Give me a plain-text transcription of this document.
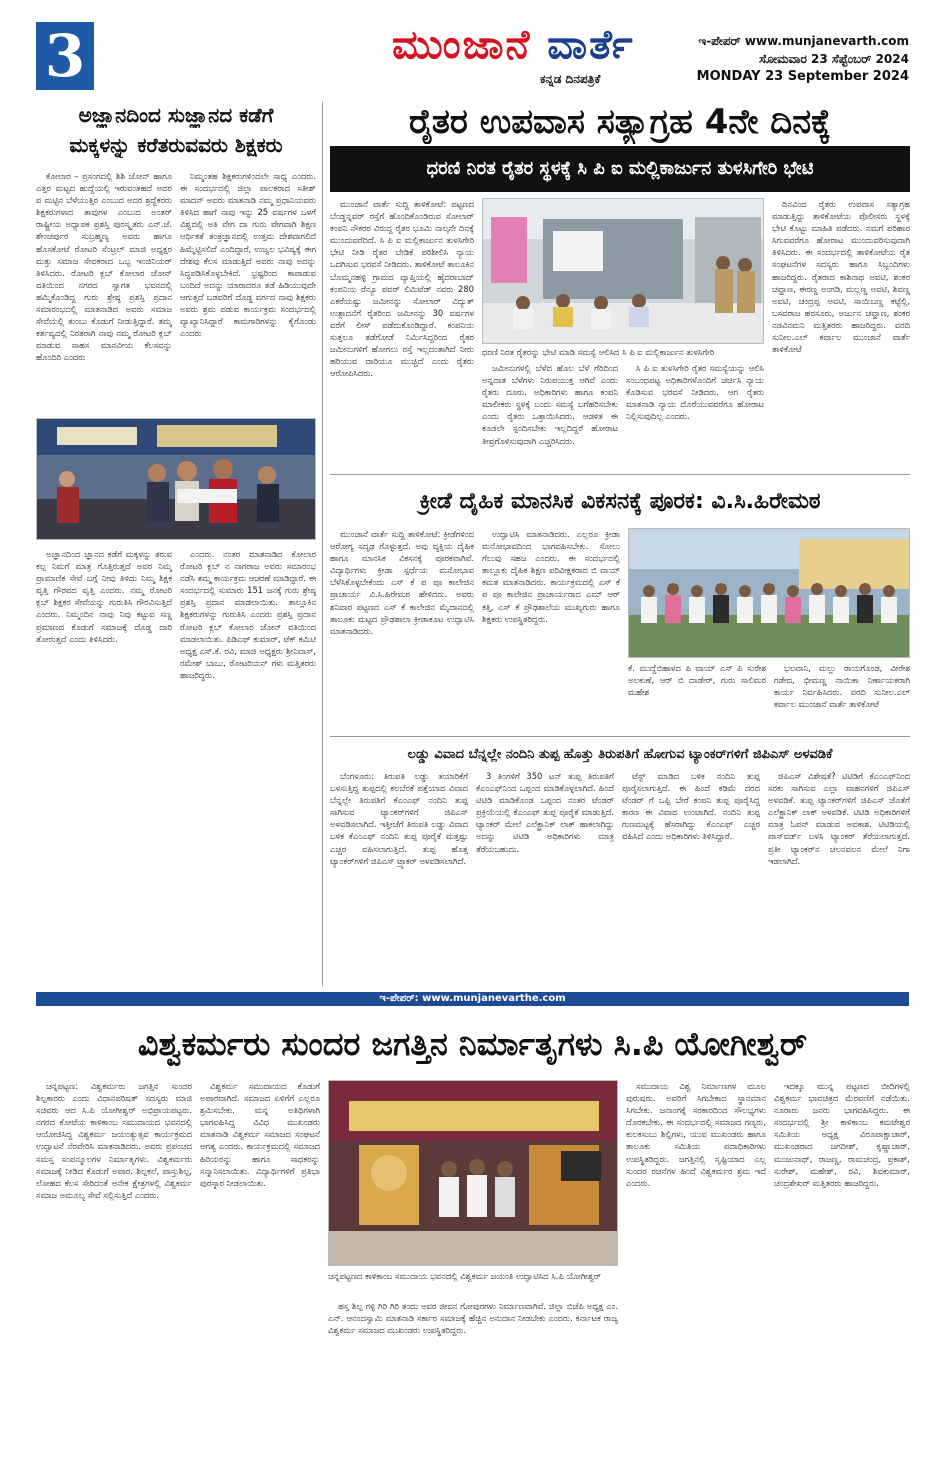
3	ಮುಂಜಾನೆ ವಾರ್ತೆ
ಕನ್ನಡ ದಿನಪತ್ರಿಕೆ
ಇ-ಪೇಪರ್ www.munjanevarth.com
ಸೋಮವಾರ 23 ಸೆಪ್ಟೆಂಬರ್ 2024
MONDAY 23 September 2024
ಅಜ್ಞಾನದಿಂದ ಸುಜ್ಞಾನದ ಕಡೆಗೆ
ಮಕ್ಕಳನ್ನು ಕರೆತರುವವರು ಶಿಕ್ಷಕರು

ಕೋಲಾರ – ಪ್ರಸಂಗದಲ್ಲಿ ಶಿಶಿ ಜೋನ್ ಹಾಗೂ ಎತ್ತರ ಮಟ್ಟದ ಹುದ್ದೆಯಲ್ಲಿ ಇರುವಂತಹದೆ ಅದರ ಪ ಮಟ್ಟಿನ ಬೆಳೆಯುತ್ತಿರ ಎಂಬುದ ಅದರ ಶ್ರದ್ಧೆಕರರು ಶಿಕ್ಷಕರುಗಳಾದ ತಾವುಗಳ ಎಂಬುದ ಅಂತರ್ ರಾಷ್ಟ್ರೀಯ ಅಧ್ಯಾಪಕ ಪ್ರಶಸ್ತಿ ಪುರಸ್ಕೃತರು ಎನ್.ಜೆ. ಶೇಂಚರ್ಪುರ ಸುಬ್ರಹ್ಮಣ್ಯ ಅವರು ಹಾಗೂ ಹೊಸಕೋಟೆ ರೋಟರಿ ಸೆಂಟ್ರಲ್ ಮಾಜಿ ಅಧ್ಯಕ್ಷರ ಮತ್ತು ಸಮಾಜ ಸೇವಕರಾದ ಒಬ್ಬ ಇಂಜಿನಿಯರ್ ತಿಳಿಸಿದರು. ರೋಟರಿ ಕ್ಲಬ್ ಕೋಲಾರ ಜೋನ್ ವತಿಯಿಂದ ನಗರದ ಸ್ವಾಗತ ಭವನದಲ್ಲಿ ಹಮ್ಮಿಕೊಂಡಿದ್ದ ಗುರು ಶ್ರೇಷ್ಠ ಪ್ರಶಸ್ತಿ ಪ್ರದಾನ ಸಮಾರಂಭದಲ್ಲಿ ಮಾತನಾಡಿದ ಅವರು ಸಮಾಜ ಸೇವೆಯಲ್ಲಿ ತುಂಬು ಕೊಡುಗೆ ನೀಡುತ್ತಿದ್ದಾರೆ. ತಮ್ಮ ಕರ್ತವ್ಯದಲ್ಲಿ ನಿರತರಾಗಿ ನಾವು ನಮ್ಮ ರೋಟರಿ ಕ್ಲಬ್ ಮಾಡುವ ಸಾಹಸ ಮಾನವೀಯ ಕೆಲಸವನ್ನು ಹೊಂದಿರಿ ಎಂದರು

ನಿಮ್ಮಂತಹ ಶಿಕ್ಷಕರುಗಳಿಂದಲೇ ಸಾಧ್ಯ ಎಂದರು. ಈ ಸಂದರ್ಭದಲ್ಲಿ ಜಿಲ್ಲಾ ಪಾಲಕರಾದ ಸತೀಶ್ ಮಾದನ್ ಅವರು ಮಾತನಾಡಿ ನಮ್ಮ ಪ್ರಧಾನಿಯವರು ತಿಳಿಸಿದ ಹಾಗೆ ನಾವು ಇನ್ನು 25 ವರ್ಷಗಳ ಒಳಗೆ ವಿಶ್ವದಲ್ಲಿ ಅತಿ ವೇಗ ದಾ ಗುರು ವೇಗವಾಗಿ ಶಿಕ್ಷಣ ಆರ್ಥಿಕತೆ ತಂತ್ರಜ್ಞಾನದಲ್ಲಿ ಉತ್ತಮ ದೇಶವಾಗಲಿದೆ ಹಿಮ್ಮೆಟ್ಟಿಸಲಿದೆ ಎಂದಿದ್ದಾರೆ, ಉಜ್ವಲ ಭವಿಷ್ಯಕ್ಕೆ ಈಗ ದೇಶವು ಕೆಲಸ ಮಾಡುತ್ತಿದೆ ಅವರು ನಾವು ಅದನ್ನು ಸಿದ್ಧಪಡಿಸಿಕೊಳ್ಳಬೇಕಿದೆ. ಭ್ರಷ್ಟರಿಂದ ಕಾಪಾಡುವ ಬಂದಿದೆ ಅದನ್ನು ಯಾರಾದರೂ ತಡೆ ಹಿಡಿಯುವುದೇ ಆಗುತ್ತದೆ ಬಡವರಿಗೆ ದೊಡ್ಡ ವರ್ಗದ ನಾವು ಶಿಕ್ಷಕರು ಅವರು ಶ್ರಮ ಪಡುವ ಕಾರ್ಯಕ್ರಮ ಸಂದರ್ಭದಲ್ಲಿ ವ್ಯಾಖ್ಯಾನಿಸಿದ್ದಾರೆ ಕಾಮಗಾರಿಗಳನ್ನು ಕೈಗೊಂಡು ಎಂದರು

ಅಜ್ಞಾನದಿಂದ ಜ್ಞಾನದ ಕಡೆಗೆ ಮಕ್ಕಳನ್ನು ತರುವ ಕಲ್ಪ ನಿಮಗೆ ಮಾತ್ರ ಗೊತ್ತಿರುತ್ತದೆ ಅವರ ನಿಮ್ಮ ಪ್ರಾಮಾಣಿಕ ಸೇವೆ ಬಗ್ಗೆ ನೀವು ತಿಳಿದು ನಿಮ್ಮ ಶಿಕ್ಷಕ ವೃತ್ತಿ ಗೌರವದ ವೃತ್ತಿ ಎಂದರು. ನಮ್ಮ ರೋಟರಿ ಕ್ಲಬ್ ಶಿಕ್ಷಕರ ಸೇವೆಯನ್ನು ಗುರುತಿಸಿ ಗೌರವಿಸುತ್ತಿದೆ ಎಂದರು. ನಿಮ್ಮಂದಿನ ನಾವು ನಿವು ಕಟ್ಟುವ ಸಣ್ಣ ಪ್ರಮಾಣದ ಕೊಡುಗೆ ಸಮಾಜಕ್ಕೆ ದೊಡ್ಡ ದಾರಿ ತೋರುತ್ತದೆ ಎಂದು ತಿಳಿಸಿದರು.

ಎಂದರು. ನಂತರ ಮಾತನಾಡಿದ ಕೋಲಾರ ರೋಟರಿ ಕ್ಲಬ್ ನ ನಾಗರಾಜ ಅವರು ಸಮಾರಂಭ ನಡೆಸಿ ತಮ್ಮ ಕಾರ್ಯಕ್ರಮ ಆಚರಣೆ ಮಾಡಿದ್ದಾರೆ. ಈ ಸಂದರ್ಭದಲ್ಲಿ ಸುಮಾರು 151 ಜನಕ್ಕೆ ಗುರು ಶ್ರೇಷ್ಠ ಪ್ರಶಸ್ತಿ ಪ್ರದಾನ ಮಾಡಲಾಯಿತು. ತಾಲ್ಲೂಕಿನ ಶಿಕ್ಷಕರುಗಳನ್ನು ಗುರುತಿಸಿ ಎಂದರು ಪ್ರಶಸ್ತಿ ಪ್ರದಾನ ರೋಟರಿ ಕ್ಲಬ್ ಕೋಲಾರ ಜೋನ್ ವತಿಯಿಂದ ಮಾಡಲಾಯಿತು. ಪಿಡಿಎಫ್ ಕುಮಾರ್, ಟೆಕ್ ಕಮಿಟಿ ಅಧ್ಯಕ್ಷ ಎಸ್.ಕೆ. ರವಿ, ಮಾಜಿ ಅಧ್ಯಕ್ಷರು ಶ್ರೀನಿವಾಸ್, ರಮೇಶ್ ಬಾಬು, ರೋಟರಿಯನ್ ಗಳು ಮತ್ತಿತರರು ಹಾಜರಿದ್ದರು.

ರೈತರ ಉಪವಾಸ ಸತ್ಯಾಗ್ರಹ 4ನೇ ದಿನಕ್ಕೆ
ಧರಣಿ ನಿರತ ರೈತರ ಸ್ಥಳಕ್ಕೆ ಸಿ ಪಿ ಐ ಮಲ್ಲಿಕಾರ್ಜುನ ತುಳಸಿಗೇರಿ ಭೇಟಿ

ಮುಂಜಾನೆ ವಾರ್ತೆ ಸುದ್ದಿ ತಾಳಿಕೋಟೆ: ಪಟ್ಟಣದ ಬೆಂಡ್ಡನ್ನವರ್ ರಸ್ತೆಗೆ ಹೊಂದಿಕೊಂಡಿರುವ ಸೋಲಾರ್ ಕಂಪನಿ ನೌಕರರ ವಿರುದ್ದ ರೈತರ ಭೂಮಿ ನಾಲ್ಕನೇ ದಿನಕ್ಕೆ ಮುಂದುವರೆದಿದೆ. ಸಿ ಪಿ ಐ ಮಲ್ಲಿಕಾರ್ಜುನ ತುಳಸಿಗೇರಿ ಭೇಟಿ ನೀಡಿ ರೈತರ ಬೇಡಿಕೆ ಪರಿಶೀಲಿಸಿ ನ್ಯಾಯ ಒದಗಿಸುವ ಭರವಸೆ ನೀಡಿದರು. ತಾಳಿಕೋಟೆ ತಾಲೂಕಿನ ಬೊಮ್ಮನಹಳ್ಳಿ ಗ್ರಾಮದ ವ್ಯಾಪ್ತಿಯಲ್ಲಿ ಹೈದರಾಬಾದ್ ಕಂಪನಿಯ ರೆನ್ಯೂ ಪವರ್ ಲಿಮಿಟೆಡ್ ನವರು 280 ಎಕರೆಯಷ್ಟು ಜಮೀನನ್ನು ಸೋಲಾರ್ ವಿದ್ಯುತ್ ಉತ್ಪಾದನೆಗೆ ರೈತರಿಂದ ಜಮೀನನ್ನು 30 ವರ್ಷಗಳ ವರೆಗೆ ಲೀಸ್ ಪಡೆದುಕೊಂಡಿದ್ದಾರೆ. ಕಂಪನಿಯ ಸುತ್ತಲೂ ತಡೆಗೋಡೆ ನಿರ್ಮಿಸಿದ್ದರಿಂದ ರೈತರ ಜಮೀನುಗಳಿಗೆ ಹೋಗಲು ರಸ್ತೆ ಇಲ್ಲದಂತಾಗಿದೆ ನೀರು ಹರಿಯುವ ದಾರಿಯೂ ಮುಚ್ಚಿದೆ ಎಂದು ರೈತರು ಆರೋಪಿಸಿದರು.

ಧರಣಿ ನಿರತ ರೈತರನ್ನು ಭೇಟಿ ಮಾಡಿ ಸಮಸ್ಯೆ ಆಲಿಸಿದ ಸಿ ಪಿ ಐ ಮಲ್ಲಿಕಾರ್ಜುನ ತುಳಸಿಗೇರಿ

ಜಮೀನುಗಳಲ್ಲಿ ಬೆಳೆದ ಹೊಲ ಬೆಳೆ ಗೆರಿದಿಂದ ಅನ್ನದಾತ ಬೆಳೆಗಳು ನಿರುಪಯುಕ್ತ ಆಗಿವೆ ಎಂದು ರೈತರು ದೂರು. ಅಧಿಕಾರಿಗಳು ಹಾಗೂ ಕಂಪನಿ ಮಾಲೀಕರು ಸ್ಥಳಕ್ಕೆ ಬಂದು ಸಮಸ್ಯೆ ಬಗೆಹರಿಸಬೇಕು ಎಂದು ರೈತರು ಒತ್ತಾಯಿಸಿದರು. ಆಡಳಿತ ಈ ಕೂಡಲೇ ಸ್ಪಂದಿಸಬೇಕು ಇಲ್ಲದಿದ್ದರೆ ಹೋರಾಟ ತೀವ್ರಗೊಳಿಸುವುದಾಗಿ ಎಚ್ಚರಿಸಿದರು.

ಸಿ ಪಿ ಐ ತುಳಸಿಗೇರಿ ರೈತರ ಸಮಸ್ಯೆಯನ್ನು ಆಲಿಸಿ ಸಂಬಂಧಪಟ್ಟ ಅಧಿಕಾರಿಗಳೊಂದಿಗೆ ಚರ್ಚಿಸಿ ನ್ಯಾಯ ಕೊಡಿಸುವ ಭರವಸೆ ನೀಡಿದರು. ಆಗ ರೈತರು ಮಾತನಾಡಿ ನ್ಯಾಯ ದೊರೆಯುವವರೆಗೂ ಹೋರಾಟ ನಿಲ್ಲಿಸುವುದಿಲ್ಲ ಎಂದರು.

ದಿನವಿಂದ ರೈತರು ಉಪವಾಸ ಸತ್ಯಾಗ್ರಹ ಮಾಡುತ್ತಿದ್ದು ತಾಳಿಕೋಟೆಯ ಪೊಲೀಸರು ಸ್ಥಳಕ್ಕೆ ಭೇಟಿ ಕೊಟ್ಟು ಮಾಹಿತಿ ಪಡೆದರು. ನಮಗೆ ಪರಿಹಾರ ಸಿಗುವವರೆಗೂ ಹೋರಾಟ ಮುಂದುವರಿಸುವುದಾಗಿ ತಿಳಿಸಿದರು. ಈ ಸಂದರ್ಭದಲ್ಲಿ ತಾಳಿಕೋಟೆಯ ರೈತ ಸಂಘಟನೆಗಳ ಸದಸ್ಯರು ಹಾಗೂ ಸಿಬ್ಬಂದಿಗಳು ಹಾಜರಿದ್ದರು. ರೈತರಾದ ಕಾಶಿನಾಥ ಅವಟಿ, ಶಂಕರ ಚವ್ಹಾಣ, ಈರಣ್ಣ ಅಂಗಡಿ, ಮಲ್ಲಣ್ಣ ಅವಟಿ, ಶಿವಣ್ಣ ಅವಟಿ, ಚಂದ್ರಪ್ಪ ಅವಟಿ, ಸಾಯಿಬಣ್ಣ ಕಟ್ಟೆಲ್ಲಿ, ಬಸವರಾಜ ಹರಸೂರು, ಅರ್ಜುನ ಚವ್ಹಾಣ, ಶಂಕರ ನಡವಿನಮನಿ ಮತ್ತಿತರರು ಹಾಜರಿದ್ದರು. ವರದಿ ಸುನೀಲ.ಎಲ್ ಕರ್ವಾಲ ಮುಂಜಾನೆ ವಾರ್ತೆ ತಾಳಿಕೋಟೆ

ಕ್ರೀಡೆ ದೈಹಿಕ ಮಾನಸಿಕ ವಿಕಸನಕ್ಕೆ ಪೂರಕ: ವಿ.ಸಿ.ಹಿರೇಮಠ

ಮುಂಜಾನೆ ವಾರ್ತೆ ಸುದ್ದಿ ತಾಳಿಕೋಟೆ: ಕ್ರೀಡೆಗಳಿಂದ ಆರೋಗ್ಯ ಸದೃಢ ಗೊಳ್ಳುತ್ತದೆ. ಅವು ವ್ಯಕ್ತಿಯ ದೈಹಿಕ ಹಾಗೂ ಮಾನಸಿಕ ವಿಕಸನಕ್ಕೆ ಪೂರಕವಾಗಿವೆ. ವಿದ್ಯಾರ್ಥಿಗಳು ಕ್ರೀಡಾ ಸ್ಪರ್ಧೆಯ ಮನೋಭಾವ ಬೆಳೆಸಿಕೊಳ್ಳಬೇಕೆಂದು ಎಸ್ ಕೆ ಪ ಪೂ ಕಾಲೇಜಿನ ಪ್ರಾಚಾರ್ಯ ವಿ.ಸಿ.ಹಿರೇಮಠ ಹೇಳಿದರು. ಅವರು ಶನಿವಾರ ಪಟ್ಟಣದ ಎಸ್ ಕೆ ಕಾಲೇಜಿನ ಮೈದಾನದಲ್ಲಿ ತಾಲೂಕು ಮಟ್ಟದ ಪ್ರೌಢಶಾಲಾ ಕ್ರೀಡಾಕೂಟ ಉದ್ಘಾಟಿಸಿ ಮಾತನಾಡಿದರು.

ಉದ್ಘಾಟಿಸಿ ಮಾತನಾಡಿದರು. ಎಲ್ಲರೂ ಕ್ರೀಡಾ ಮನೋಭಾವದಿಂದ ಭಾಗವಹಿಸಬೇಕು. ಸೋಲು ಗೆಲುವು ಸಹಜ ಎಂದರು. ಈ ಸಂದರ್ಭದಲ್ಲಿ ತಾಲ್ಲೂಕು ದೈಹಿಕ ಶಿಕ್ಷಣ ಪರಿವೀಕ್ಷಕರಾದ ಬಿ ವಾಯ್ ಕಮತ ಮಾತನಾಡಿದರು. ಕಾರ್ಯಕ್ರಮದಲ್ಲಿ ಎಸ್ ಕೆ ಪ ಪೂ ಕಾಲೇಜಿನ ಪ್ರಾಚಾರ್ಯರಾದ ಎಮ್ ಆರ್ ಕತ್ತಿ, ಎಸ್ ಕೆ ಪ್ರೌಢಶಾಲೆಯ ಮುಖ್ಯಗುರು ಹಾಗೂ ಶಿಕ್ಷಕರು ಉಪಸ್ಥಿತರಿದ್ದರು.

ಕೆ. ಮುದ್ದೆಬಿಹಾಳದ ಪಿ ವಾಯ್ ಎಸ್ ಪಿ ಸುರೇಶ ಅಲಕುಣೆ, ಆರ್ ಬಿ ದಾಡೇರ್, ಗುರು ಸಾಲಿಮಠ ಮಹೇಶ

ಭಲವಾನಿ, ಮಲ್ಲು ರಾಯಗೊಂಡ, ವೀರೇಶ ಗಡೇದ, ಭೀಮಣ್ಣ ನಾಯಿಕಾ ನಿರ್ಣಾಯಕರಾಗಿ ಕಾರ್ಯ ನಿರ್ವಹಿಸಿದರು. ವರದಿ ಸುನೀಲ.ಎಲ್ ಕರ್ವಾಲ ಮುಂಜಾನೆ ವಾರ್ತೆ ತಾಳಿಕೋಟೆ

ಲಡ್ಡು ವಿವಾದ ಬೆನ್ನಲ್ಲೇ ನಂದಿನಿ ತುಪ್ಪ ಹೊತ್ತು ತಿರುಪತಿಗೆ ಹೋಗುವ ಟ್ಯಾಂಕರ್‌ಗಳಿಗೆ ಜಿಪಿಎಸ್ ಅಳವಡಿಕೆ

ಬೆಂಗಳೂರು: ತಿರುಪತಿ ಲಡ್ಡು ತಯಾರಿಕೆಗೆ ಬಳಸುತ್ತಿದ್ದ ತುಪ್ಪದಲ್ಲಿ ಕಲಬೆರಕೆ ಪತ್ತೆಯಾದ ವಿವಾದ ಬೆನ್ನಲ್ಲೇ ತಿರುಪತಿಗೆ ಕೆಎಂಎಫ್ ನಂದಿನಿ ತುಪ್ಪ ಸಾಗಿಸುವ ಟ್ಯಾಂಕರ್‌ಗಳಿಗೆ ಜಿಪಿಎಸ್ ಅಳವಡಿಸಲಾಗಿದೆ. ಇತ್ತೀಚೆಗೆ ತಿರುಪತಿ ಲಡ್ಡು ವಿವಾದ ಬಳಿಕ ಕೆಎಂಎಫ್ ನಂದಿನಿ ತುಪ್ಪ ಪೂರೈಕೆ ಮತ್ತಷ್ಟು ಎಚ್ಚರ ವಹಿಸಲಾಗುತ್ತಿದೆ. ತುಪ್ಪ ಹೊತ್ತ ಟ್ಯಾಂಕರ್‌ಗಳಿಗೆ ಜಿಪಿಎಸ್ ಟ್ರ್ಯಾಕರ್ ಅಳವಡಿಸಲಾಗಿದೆ.

3 ತಿಂಗಳಿಗೆ 350 ಟನ್ ತುಪ್ಪ ತಿರುಪತಿಗೆ ಕೆಎಂಎಫ್‌ನಿಂದ ಒಪ್ಪಂದ ಮಾಡಿಕೊಳ್ಳಲಾಗಿದೆ. ಹಿಂದೆ ಟಿಟಿಡಿ ಮಾಡಿಕೊಂಡ ಒಪ್ಪಂದ ನಂತರ ಟೆಂಡರ್ ಪ್ರಕ್ರಿಯೆಯಲ್ಲಿ ಕೆಎಂಎಫ್ ತುಪ್ಪ ಪೂರೈಕೆ ಮಾಡುತ್ತಿದೆ. ಟ್ಯಾಂಕರ್ ಮೇಲೆ ಎಲೆಕ್ಟ್ರಾನಿಕ್ ಲಾಕ್ ಹಾಕಲಾಗಿದ್ದು ಅದನ್ನು ಟಿಟಿಡಿ ಅಧಿಕಾರಿಗಳು ಮಾತ್ರ ತೆರೆಯಬಹುದು.

ಟೆಸ್ಟ್‌ ಮಾಡಿದ ಬಳಿಕ ನಂದಿನಿ ತುಪ್ಪ ಪೂರೈಸಲಾಗುತ್ತಿದೆ. ಈ ಹಿಂದೆ ಕಡಿಮೆ ದರದ ಟೆಂಡರ್ ಗೆ ಒಪ್ಪಿ ಬೇರೆ ಕಂಪನಿ ತುಪ್ಪ ಪೂರೈಸಿದ್ದ ಕಾರಣ ಈ ವಿವಾದ ಉಂಟಾಗಿದೆ. ನಂದಿನಿ ತುಪ್ಪ ಗುಣಮಟ್ಟಕ್ಕೆ ಹೆಸರಾಗಿದ್ದು ಕೆಎಂಎಫ್ ಎಚ್ಚರ ವಹಿಸಿದೆ ಎಂದು ಅಧಿಕಾರಿಗಳು ತಿಳಿಸಿದ್ದಾರೆ.

ಜಿಪಿಎಸ್ ವಿಶೇಷತೆ? ಟಿಟಿಡಿಗೆ ಕೆಎಂಎಫ್‌ನಿಂದ ಸರಕು ಸಾಗಿಸುವ ಎಲ್ಲಾ ವಾಹನಗಳಿಗೆ ಜಿಪಿಎಸ್ ಅಳವಡಿಕೆ. ತುಪ್ಪ ಟ್ಯಾಂಕರ್‌ಗಳಿಗೆ ಜಿಪಿಎಸ್ ಜೊತೆಗೆ ಎಲೆಕ್ಟ್ರಾನಿಕ್ ಲಾಕ್ ಅಳವಡಿಕೆ. ಟಿಟಿಡಿ ಅಧಿಕಾರಿಗಳಿಗೆ ಮಾತ್ರ ಓಪನ್ ಮಾಡುವ ಅವಕಾಶ. ಟಿಟಿಡಿಯಲ್ಲಿ ಪಾಸ್‌ವರ್ಡ್ ಬಳಸಿ ಟ್ಯಾಂಕರ್ ತೆರೆಯಲಾಗುತ್ತದೆ. ಪ್ರತೀ ಟ್ಯಾಂಕರ್‌ನ ಚಲನವಲನ ಮೇಲೆ ನಿಗಾ ಇಡಲಾಗಿದೆ.

ಇ-ಪೇಪರ್: www.munjanevarthe.com
ವಿಶ್ವಕರ್ಮರು ಸುಂದರ ಜಗತ್ತಿನ ನಿರ್ಮಾತೃಗಳು ಸಿ.ಪಿ ಯೋಗೀಶ್ವರ್

ಚನ್ನಪಟ್ಟಣ: ವಿಶ್ವಕರ್ಮರು ಜಗತ್ತಿನ ಸುಂದರ ಶಿಲ್ಪಕಾರರು ಎಂದು ವಿಧಾನಪರಿಷತ್ ಸದಸ್ಯರು ಮಾಜಿ ಸಚಿವರು ಆದ ಸಿ.ಪಿ ಯೋಗೀಶ್ವರ್ ಅಭಿಪ್ರಾಯಪಟ್ಟರು. ನಗರದ ಕೋಟೆಯ ಕಾಳಿಕಾಂಬ ಸಮುದಾಯದ ಭವನದಲ್ಲಿ ಆಯೋಜಿಸಿದ್ದ ವಿಶ್ವಕರ್ಮ ಜಯಂತ್ಯುತ್ಸವ ಕಾರ್ಯಕ್ರಮದ ಉದ್ಘಾಟನೆ ನೆರವೇರಿಸಿ ಮಾತನಾಡಿದರು. ಅವರು ಪ್ರಪಂಚದ ಸಮಸ್ತ ಸಂಪನ್ಮೂಲಗಳ ನಿರ್ಮಾತೃಗಳು. ವಿಶ್ವಕರ್ಮರು ಸಮಾಜಕ್ಕೆ ನೀಡಿದ ಕೊಡುಗೆ ಅಪಾರ. ಶಿಲ್ಪಕಲೆ, ವಾಸ್ತುಶಿಲ್ಪ, ಲೋಹದ ಕೆಲಸ ಸೇರಿದಂತೆ ಅನೇಕ ಕ್ಷೇತ್ರಗಳಲ್ಲಿ ವಿಶ್ವಕರ್ಮ ಸಮಾಜ ಅಮೂಲ್ಯ ಸೇವೆ ಸಲ್ಲಿಸುತ್ತಿದೆ ಎಂದರು.

ವಿಶ್ವಕರ್ಮ ಸಮುದಾಯದ ಕೊಡುಗೆ ಅಪಾರವಾಗಿದೆ. ಸಮಾಜದ ಏಳಿಗೆಗೆ ಎಲ್ಲರೂ ಶ್ರಮಿಸಬೇಕು. ಮನ್ನ ಅತಿಥಿಗಳಾಗಿ ಭಾಗವಹಿಸಿದ್ದ ವಿವಿಧ ಮುಖಂಡರು ಮಾತನಾಡಿ ವಿಶ್ವಕರ್ಮ ಸಮಾಜದ ಸಂಘಟನೆ ಅಗತ್ಯ ಎಂದರು. ಕಾರ್ಯಕ್ರಮದಲ್ಲಿ ಸಮಾಜದ ಹಿರಿಯರನ್ನು ಹಾಗೂ ಸಾಧಕರನ್ನು ಸನ್ಮಾನಿಸಲಾಯಿತು. ವಿದ್ಯಾರ್ಥಿಗಳಿಗೆ ಪ್ರತಿಭಾ ಪುರಸ್ಕಾರ ನೀಡಲಾಯಿತು.

ಚನ್ನಪಟ್ಟಣದ ಕಾಳಿಕಾಂಬ ಸಮುದಾಯ ಭವನದಲ್ಲಿ ವಿಶ್ವಕರ್ಮ ಜಯಂತಿ ಉದ್ಘಾಟಿಸಿದ ಸಿ.ಪಿ ಯೋಗೀಶ್ವರ್

ಹಸ್ತ ಶಿಲ್ಪ ಗಳ್ಳಿ ಗಿರಿ ಗಿರಿ ತಂದು ಅವರ ಜೀವನ ಗೋಪುರಗಳು ನಿರ್ಮಾಣವಾಗಿವೆ. ಜಿಲ್ಲಾ ಬಿಜೆಪಿ ಅಧ್ಯಕ್ಷ ಎಂ. ಎನ್. ಆನಂದಸ್ವಾಮಿ ಮಾತನಾಡಿ ಸರ್ಕಾರ ಸಮಾಜಕ್ಕೆ ಹೆಚ್ಚಿನ ಅನುದಾನ ನೀಡಬೇಕು ಎಂದರು. ಕರ್ನಾಟಕ ರಾಜ್ಯ ವಿಶ್ವಕರ್ಮ ಸಮಾಜದ ಮುಖಂಡರು ಉಪಸ್ಥಿತರಿದ್ದರು.

ಸಮುದಾಯ ವಿಶ್ವ ನಿರ್ಮಾಣಗಳ ಮೂಲ ಪುರುಷರು. ಅವರಿಗೆ ಸಿಗಬೇಕಾದ ಸ್ಥಾನಮಾನ ಸಿಗಬೇಕು. ಜನಾಂಗಕ್ಕೆ ಸರಕಾರದಿಂದ ಸೌಲಭ್ಯಗಳು ದೊರಕಬೇಕು. ಈ ಸಂದರ್ಭದಲ್ಲಿ ಸಮಾಜದ ಗಣ್ಯರು, ಕುಲಕಸುಬು ಶಿಲ್ಪಿಗಳು, ಯುವ ಮುಖಂಡರು ಹಾಗೂ ತಾಲೂಕು ಸಮಿತಿಯ ಪದಾಧಿಕಾರಿಗಳು ಉಪಸ್ಥಿತರಿದ್ದರು. ಜಗತ್ತಿನಲ್ಲಿ ಸೃಷ್ಟಿಯಾದ ಎಲ್ಲ ಸುಂದರ ರಚನೆಗಳ ಹಿಂದೆ ವಿಶ್ವಕರ್ಮರ ಶ್ರಮ ಇದೆ ಎಂದರು.

ಇದಕ್ಕೂ ಮುನ್ನ ಪಟ್ಟಣದ ಬೀದಿಗಳಲ್ಲಿ ವಿಶ್ವಕರ್ಮ ಭಾವಚಿತ್ರದ ಮೆರವಣಿಗೆ ನಡೆಯಿತು. ನೂರಾರು ಜನರು ಭಾಗವಹಿಸಿದ್ದರು. ಈ ಸಂದರ್ಭದಲ್ಲಿ ಶ್ರೀ ಕಾಳಿಕಾಂಬ ಕಮಟೇಶ್ವರ ಸಮಿತಿಯ ಅಧ್ಯಕ್ಷ ವಿರೂಪಾಕ್ಷಾಚಾರ್, ಮುಖಂಡರಾದ ಜಗದೀಶ್, ಕೃಷ್ಣಾಚಾರ್, ಮಂಜುನಾಥ್, ರಾಜಣ್ಣ, ರಾಮಚಂದ್ರ, ಪ್ರಕಾಶ್, ಸುರೇಶ್, ಮಹೇಶ್, ರವಿ, ಶಿವಕುಮಾರ್, ಚಂದ್ರಶೇಖರ್ ಮತ್ತಿತರರು ಹಾಜರಿದ್ದರು.
